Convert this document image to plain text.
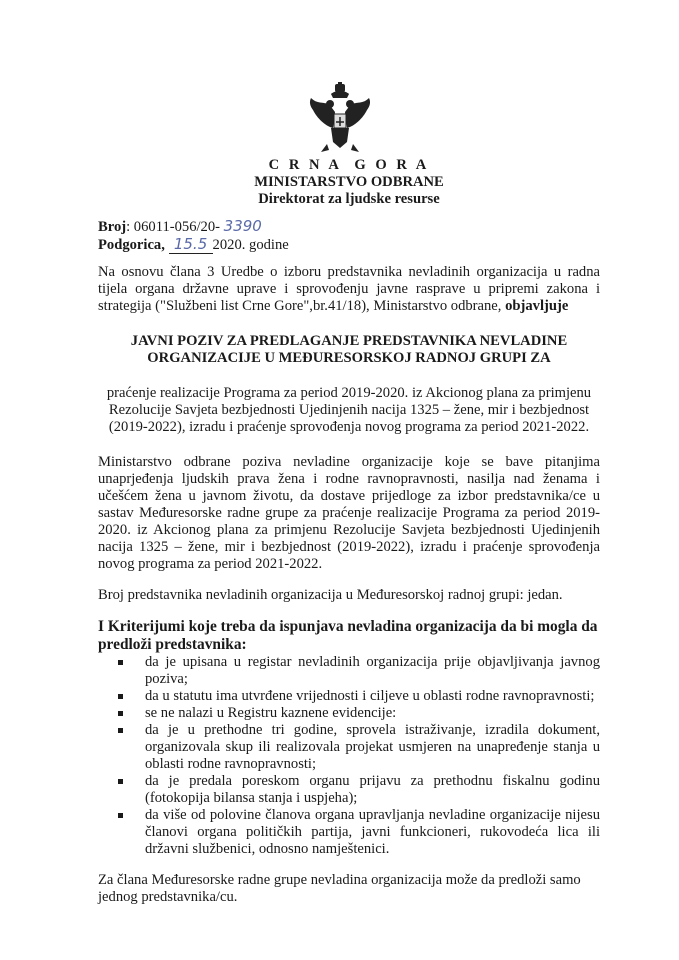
C R N A  G O R A
MINISTARSTVO ODBRANE
Direktorat za ljudske resurse
Broj: 06011-056/20- 3390
Podgorica, 15.5 2020. godine
Na osnovu člana 3 Uredbe o izboru predstavnika nevladinih organizacija u radna tijela organa državne uprave i sprovođenju javne rasprave u pripremi zakona i strategija ("Službeni list Crne Gore",br.41/18), Ministarstvo odbrane, objavljuje
JAVNI POZIV ZA PREDLAGANJE PREDSTAVNIKA NEVLADINE ORGANIZACIJE U MEĐURESORSKOJ RADNOJ GRUPI ZA
praćenje realizacije Programa za period 2019-2020. iz Akcionog plana za primjenu Rezolucije Savjeta bezbjednosti Ujedinjenih nacija 1325 – žene, mir i bezbjednost (2019-2022), izradu i praćenje sprovođenja novog programa za period 2021-2022.
Ministarstvo odbrane poziva nevladine organizacije koje se bave pitanjima unaprjeđenja ljudskih prava žena i rodne ravnopravnosti, nasilja nad ženama i učešćem žena u javnom životu, da dostave prijedloge za izbor predstavnika/ce u sastav Međuresorske radne grupe za praćenje realizacije Programa za period 2019-2020. iz Akcionog plana za primjenu Rezolucije Savjeta bezbjednosti Ujedinjenih nacija 1325 – žene, mir i bezbjednost (2019-2022), izradu i praćenje sprovođenja novog programa za period 2021-2022.
Broj predstavnika nevladinih organizacija u Međuresorskoj radnoj grupi: jedan.
I Kriterijumi koje treba da ispunjava nevladina organizacija da bi mogla da predloži predstavnika:
da je upisana u registar nevladinih organizacija prije objavljivanja javnog poziva;
da u statutu ima utvrđene vrijednosti i ciljeve u oblasti rodne ravnopravnosti;
se ne nalazi u Registru kaznene evidencije:
da je u prethodne tri godine, sprovela istraživanje, izradila dokument, organizovala skup ili realizovala projekat usmjeren na unapređenje stanja u oblasti rodne ravnopravnosti;
da je predala poreskom organu prijavu za prethodnu fiskalnu godinu (fotokopija bilansa stanja i uspjeha);
da više od polovine članova organa upravljanja nevladine organizacije nijesu članovi organa političkih partija, javni funkcioneri, rukovodeća lica ili državni službenici, odnosno namještenici.
Za člana Međuresorske radne grupe nevladina organizacija može da predloži samo jednog predstavnika/cu.
